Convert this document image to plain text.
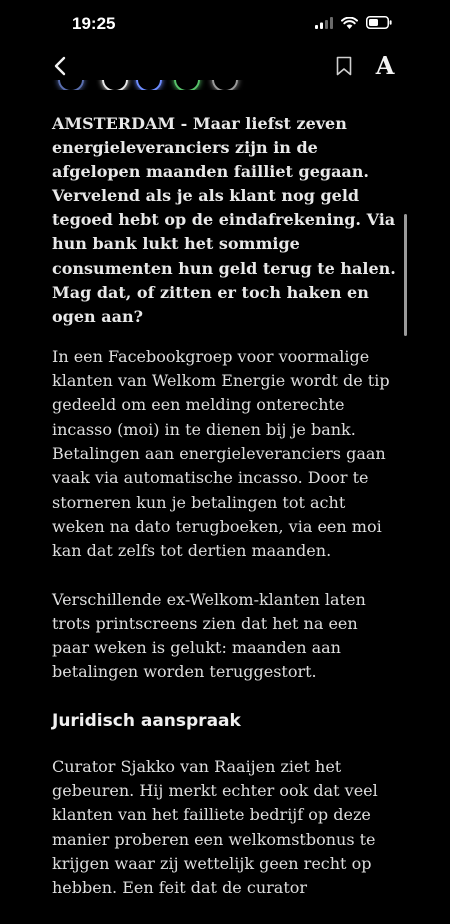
19:25
A

AMSTERDAM - Maar liefst zeven energieleveranciers zijn in de afgelopen maanden failliet gegaan. Vervelend als je als klant nog geld tegoed hebt op de eindafrekening. Via hun bank lukt het sommige consumenten hun geld terug te halen. Mag dat, of zitten er toch haken en ogen aan?

In een Facebookgroep voor voormalige klanten van Welkom Energie wordt de tip gedeeld om een melding onterechte incasso (moi) in te dienen bij je bank. Betalingen aan energieleveranciers gaan vaak via automatische incasso. Door te storneren kun je betalingen tot acht weken na dato terugboeken, via een moi kan dat zelfs tot dertien maanden.

Verschillende ex-Welkom-klanten laten trots printscreens zien dat het na een paar weken is gelukt: maanden aan betalingen worden teruggestort.

Juridisch aanspraak

Curator Sjakko van Raaijen ziet het gebeuren. Hij merkt echter ook dat veel klanten van het failliete bedrijf op deze manier proberen een welkomstbonus te krijgen waar zij wettelijk geen recht op hebben. Een feit dat de curator
